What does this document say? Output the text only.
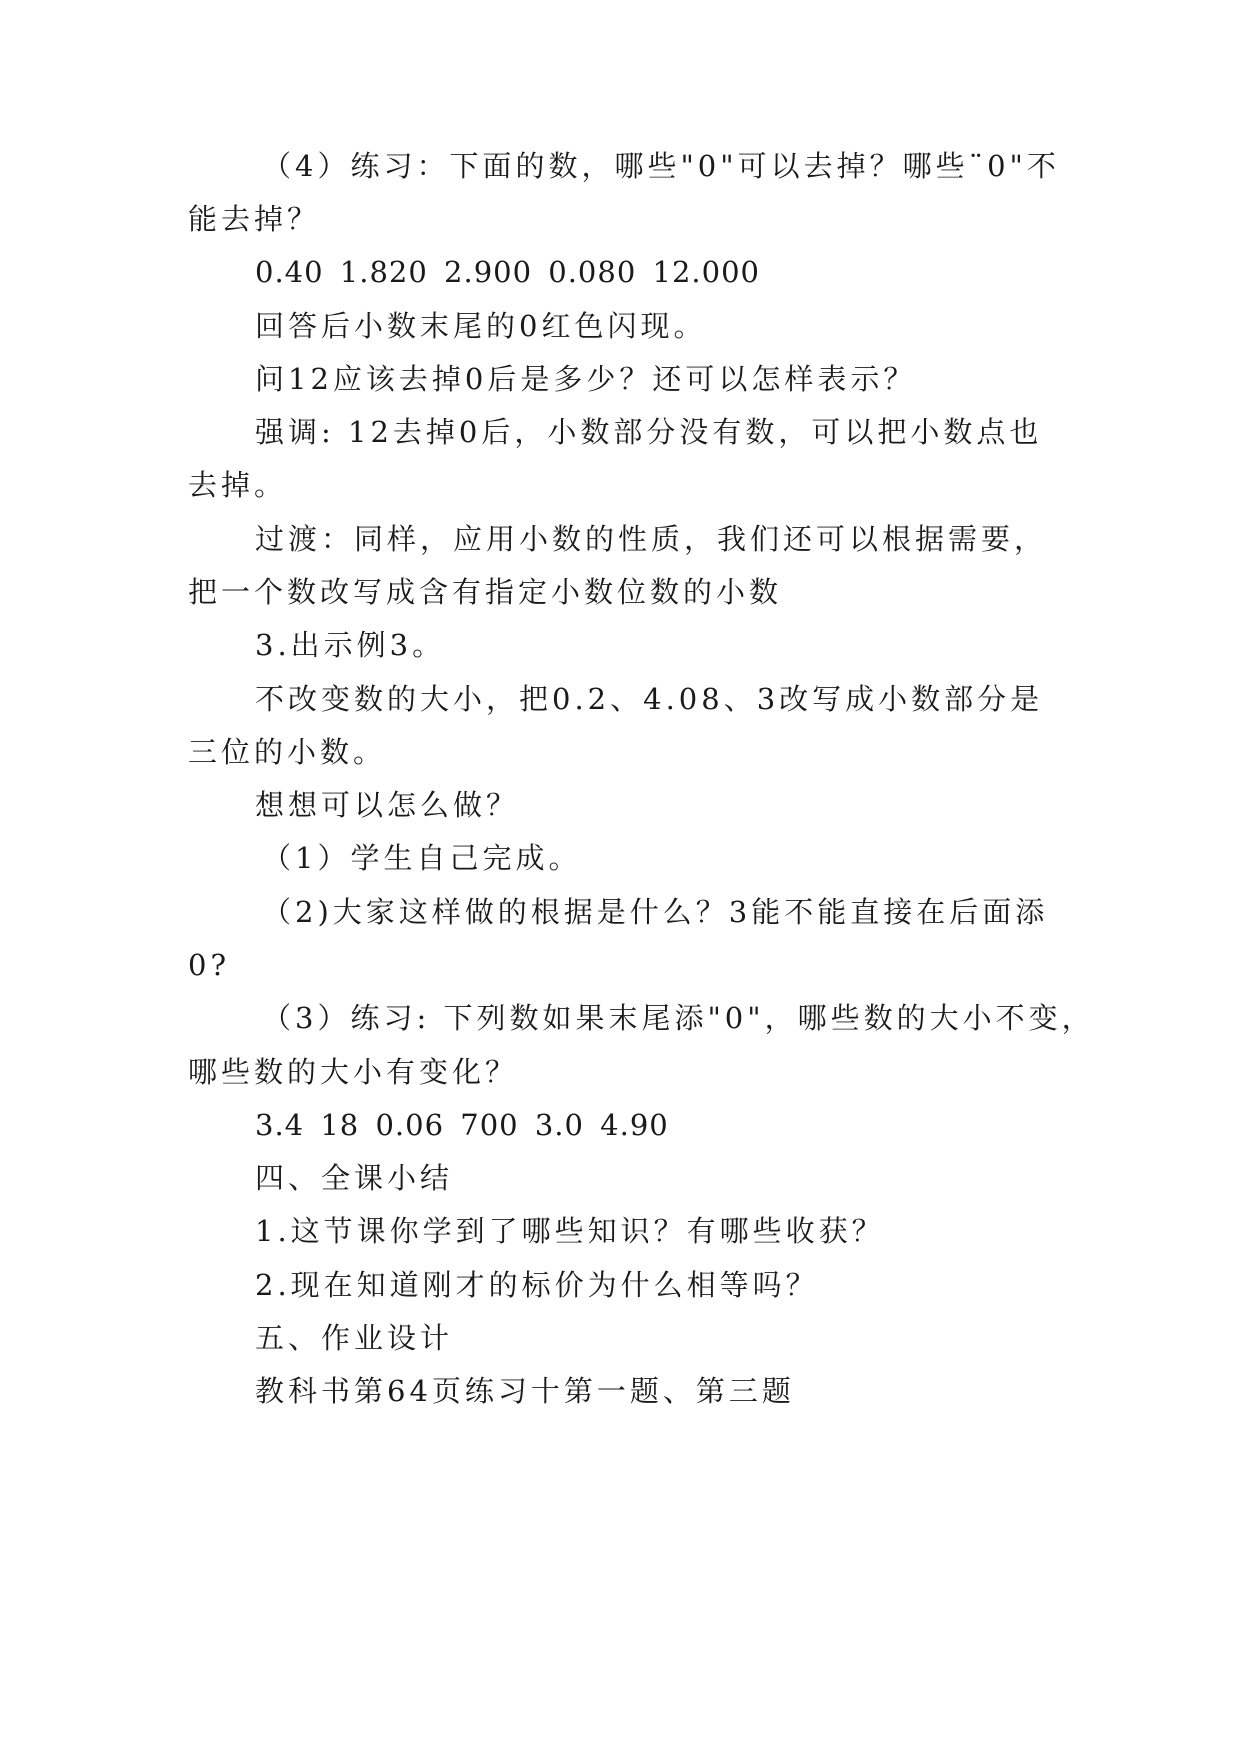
（4）练习：下面的数，哪些"0"可以去掉？哪些¨0"不
能去掉？
0.40 1.820 2.900 0.080 12.000
回答后小数末尾的0红色闪现。
问12应该去掉0后是多少？还可以怎样表示？
强调: 12去掉0后，小数部分没有数，可以把小数点也
去掉。
过渡：同样，应用小数的性质，我们还可以根据需要，
把一个数改写成含有指定小数位数的小数
3.出示例3。
不改变数的大小，把0.2、4.08、3改写成小数部分是
三位的小数。
想想可以怎么做？
（1）学生自己完成。
（2)大家这样做的根据是什么？3能不能直接在后面添
0?
（3）练习: 下列数如果末尾添"0"，哪些数的大小不变，
哪些数的大小有变化？
3.4 18 0.06 700 3.0 4.90
四、全课小结
1.这节课你学到了哪些知识？有哪些收获？
2.现在知道刚才的标价为什么相等吗？
五、作业设计
教科书第64页练习十第一题、第三题
